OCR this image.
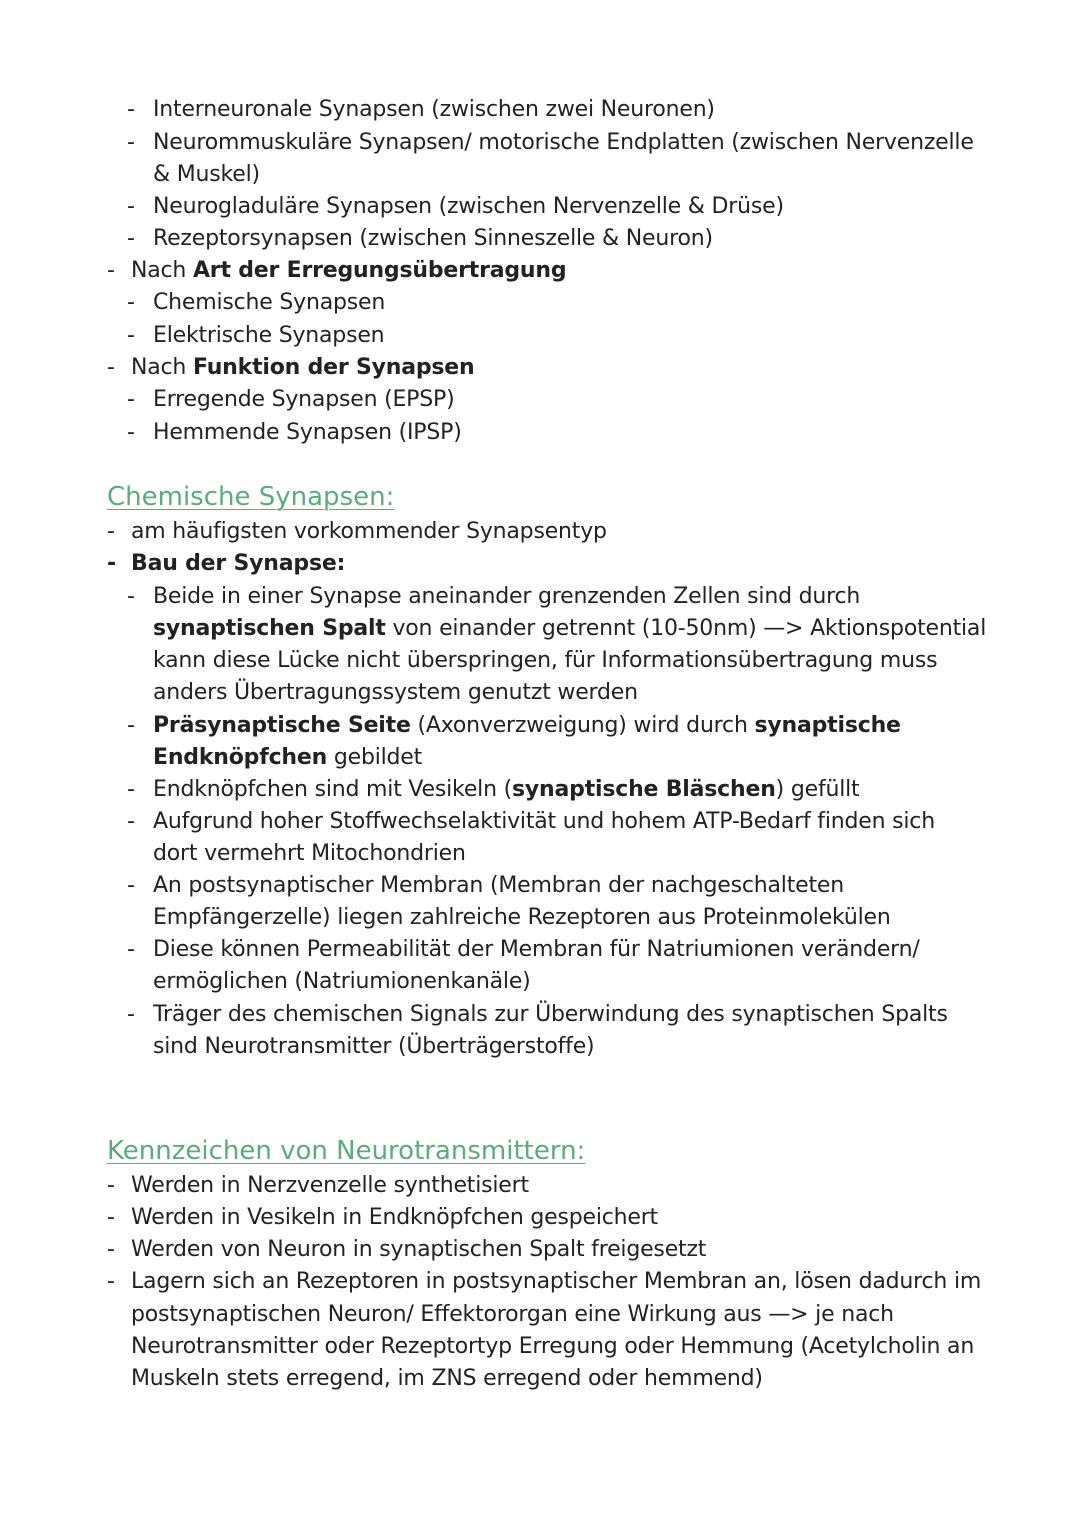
- Interneuronale Synapsen (zwischen zwei Neuronen)
- Neurommuskuläre Synapsen/ motorische Endplatten (zwischen Nervenzelle
& Muskel)
- Neurogladuläre Synapsen (zwischen Nervenzelle & Drüse)
- Rezeptorsynapsen (zwischen Sinneszelle & Neuron)
- Nach Art der Erregungsübertragung
- Chemische Synapsen
- Elektrische Synapsen
- Nach Funktion der Synapsen
- Erregende Synapsen (EPSP)
- Hemmende Synapsen (IPSP)
Chemische Synapsen:
- am häufigsten vorkommender Synapsentyp
- Bau der Synapse:
- Beide in einer Synapse aneinander grenzenden Zellen sind durch
synaptischen Spalt von einander getrennt (10-50nm) —> Aktionspotential
kann diese Lücke nicht überspringen, für Informationsübertragung muss
anders Übertragungssystem genutzt werden
- Präsynaptische Seite (Axonverzweigung) wird durch synaptische
Endknöpfchen gebildet
- Endknöpfchen sind mit Vesikeln (synaptische Bläschen) gefüllt
- Aufgrund hoher Stoffwechselaktivität und hohem ATP-Bedarf finden sich
dort vermehrt Mitochondrien
- An postsynaptischer Membran (Membran der nachgeschalteten
Empfängerzelle) liegen zahlreiche Rezeptoren aus Proteinmolekülen
- Diese können Permeabilität der Membran für Natriumionen verändern/
ermöglichen (Natriumionenkanäle)
- Träger des chemischen Signals zur Überwindung des synaptischen Spalts
sind Neurotransmitter (Überträgerstoffe)
Kennzeichen von Neurotransmittern:
- Werden in Nerzvenzelle synthetisiert
- Werden in Vesikeln in Endknöpfchen gespeichert
- Werden von Neuron in synaptischen Spalt freigesetzt
- Lagern sich an Rezeptoren in postsynaptischer Membran an, lösen dadurch im
postsynaptischen Neuron/ Effektororgan eine Wirkung aus —> je nach
Neurotransmitter oder Rezeptortyp Erregung oder Hemmung (Acetylcholin an
Muskeln stets erregend, im ZNS erregend oder hemmend)
